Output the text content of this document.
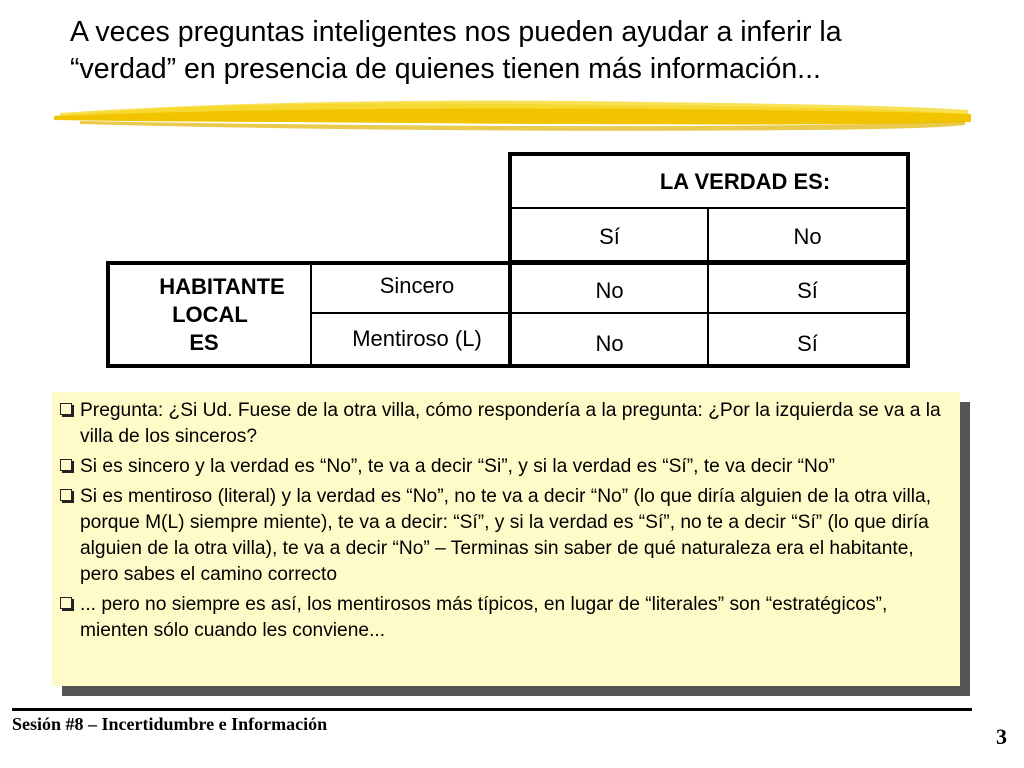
A veces preguntas inteligentes nos pueden ayudar a inferir la
“verdad” en presencia de quienes tienen más información...
LA VERDAD ES:
Sí	No
HABITANTE
LOCAL
ES
Sincero	No	Sí
Mentiroso (L)	No	Sí
Pregunta: ¿Si Ud. Fuese de la otra villa, cómo respondería a la pregunta: ¿Por la izquierda se va a la villa de los sinceros?
Si es sincero y la verdad es “No”, te va a decir “Si”, y si la verdad es “Sí”, te va decir “No”
Si es mentiroso (literal) y la verdad es “No”, no te va a decir “No” (lo que diría alguien de la otra villa, porque M(L) siempre miente), te va a decir: “Sí”, y si la verdad es “Sí”, no te a decir “Sí” (lo que diría alguien de la otra villa), te va a decir “No” – Terminas sin saber de qué naturaleza era el habitante, pero sabes el camino correcto
... pero no siempre es así, los mentirosos más típicos, en lugar de “literales” son “estratégicos”, mienten sólo cuando les conviene...
Sesión #8 – Incertidumbre e Información	3
